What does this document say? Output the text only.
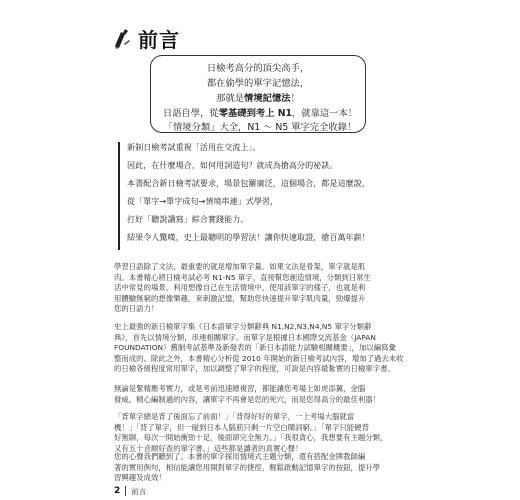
前言
日檢考高分的頂尖高手，
都在偷學的單字記憶法，
那就是情境記憶法！
日語自學，從零基礎到考上 N1，就靠這一本！
「情境分類」大全，N1 ～ N5 單字完全收錄！
新制日檢考試重視「活用在交流上」。
因此，在什麼場合，如何用詞造句？就成為搶高分的祕訣。
本書配合新日檢考試要求，場景包羅廣泛，這個場合，都是這麼說，
從「單字→單字成句→情境串連」式學習，
打好「聽說讀寫」綜合實踐能力。
結果令人驚嘆，史上最聰明的學習法！讓你快速取證，搶百萬年薪！
學習日語除了文法，最重要的就是增加單字量。如果文法是骨架，單字就是肌
肉。本書精心將日檢考試必考 N1-N5 單字，直接幫您創造情境，分類到日常生
活中常見的場景，利用想像自己在生活情境中，使用該單字的樣子，也就是利
用體驗無窮的想像樂趣，來刺激記憶，幫助您快速提升單字肌肉量，勁爆提升
您的日語力！
史上最強的新日檢單字集《日本語單字分類辭典 N1,N2,N3,N4,N5 單字分類辭
典》，首先以情境分類，串連相關單字。而單字是根據日本國際交流基金（JAPAN
FOUNDATION）舊制考試基準及新發表的「新日本語能力試驗相關概要」，加以編寫彙
整而成的。除此之外，本書精心分析從 2010 年開始的新日檢考試內容，增加了過去未收
的日檢各級程度常用單字，加以調整了單字的程度，可說是內容最紮實的日檢單字書。
無論是緊精應考實力，或是考前迅速總複習，都能讓您考場上如虎添翼，金腦
發威。精心編制過的內容，讓單字不再會是您的死穴，而是您得高分的最佳利器！
「背單字總是背了後面忘了前面！」「背得好好的單字，一上考場大腦就當
機！」「背了單字，但一碰到日本人腦筋只剩一片空白鬧詞窮。」「單字只能硬背
好無聊，每次一開始衝勁十足，後面卻完全無力。」「我很貪心，我想要有主題分類，
又有五十音順好查的單字書。」這些都是讀者的真實心聲！
您的心聲我們聽到了。本書的單字採用情境式主題分類，還有搭配金牌教師編
著的實用例句，相信能讓您用開對單字的捷徑，輕鬆啟動記憶單字的按鈕，提升學
習興趣及成效！
2 前言
